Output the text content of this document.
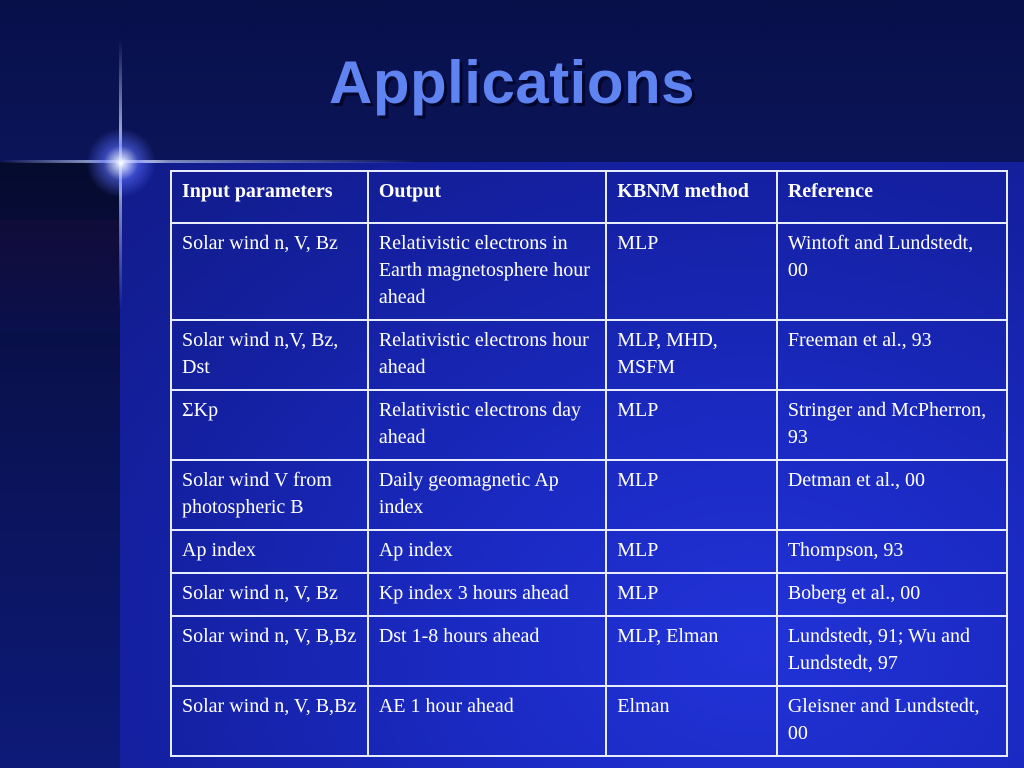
Applications
Input parameters	Output	KBNM method	Reference
Solar wind n, V, Bz	Relativistic electrons in Earth magnetosphere hour ahead	MLP	Wintoft and Lundstedt, 00
Solar wind n,V, Bz, Dst	Relativistic electrons hour ahead	MLP, MHD, MSFM	Freeman et al., 93
ΣKp	Relativistic electrons day ahead	MLP	Stringer and McPherron, 93
Solar wind V from photospheric B	Daily geomagnetic Ap index	MLP	Detman et al., 00
Ap index	Ap index	MLP	Thompson, 93
Solar wind n, V, Bz	Kp index 3 hours ahead	MLP	Boberg et al., 00
Solar wind n, V, B,Bz	Dst 1-8 hours ahead	MLP, Elman	Lundstedt, 91; Wu and Lundstedt, 97
Solar wind n, V, B,Bz	AE 1 hour ahead	Elman	Gleisner and Lundstedt, 00
